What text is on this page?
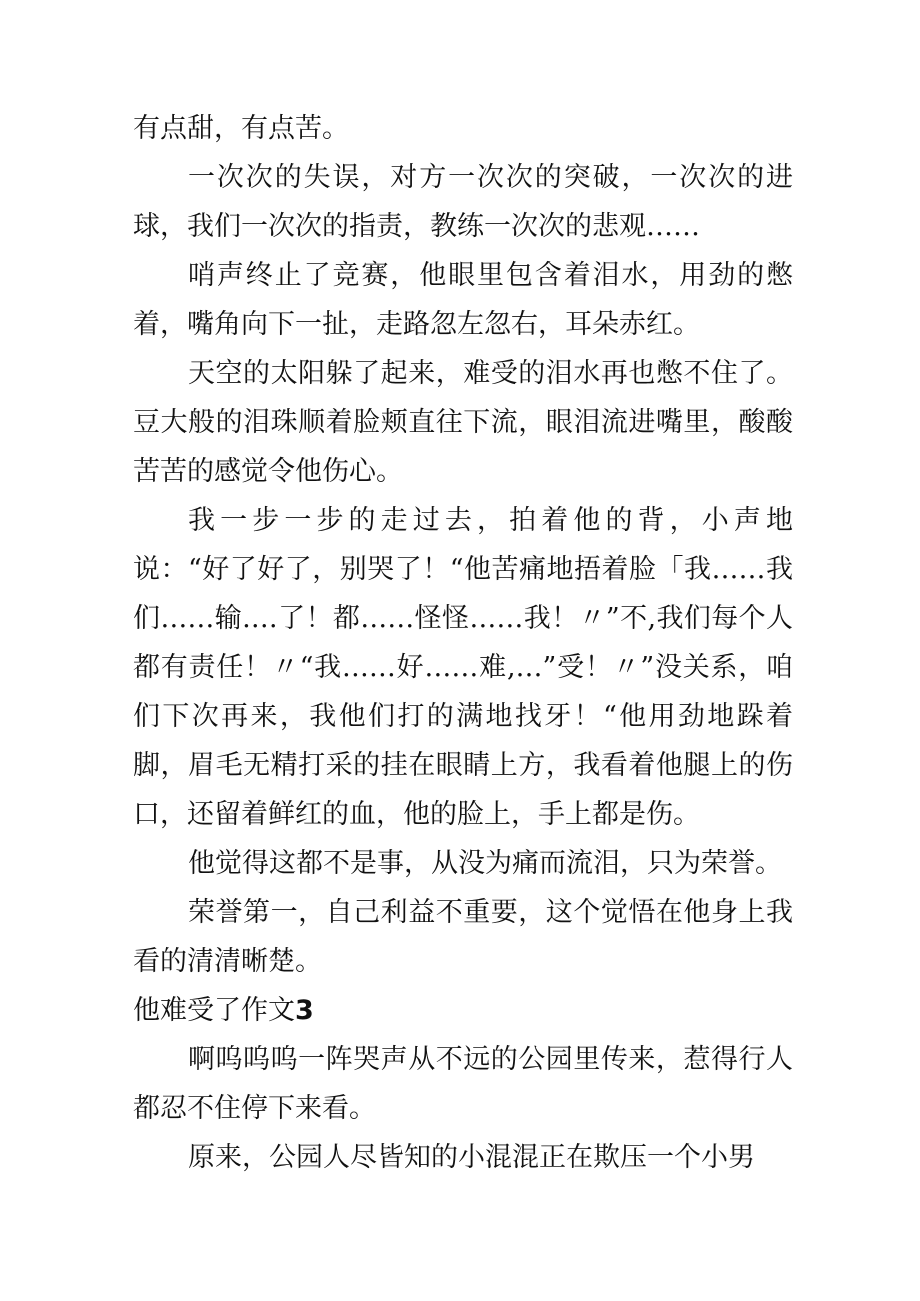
有点甜，有点苦。

一次次的失误，对方一次次的突破，一次次的进球，我们一次次的指责，教练一次次的悲观……

哨声终止了竞赛，他眼里包含着泪水，用劲的憋着，嘴角向下一扯，走路忽左忽右，耳朵赤红。

天空的太阳躲了起来，难受的泪水再也憋不住了。豆大般的泪珠顺着脸颊直往下流，眼泪流进嘴里，酸酸苦苦的感觉令他伤心。

我一步一步的走过去，拍着他的背，小声地说：“好了好了，别哭了！“他苦痛地捂着脸「我……我们……输.…了！都……怪怪……我！〃”不,我们每个人都有责任！〃“我……好……难,…”受！〃”没关系，咱们下次再来，我他们打的满地找牙！“他用劲地跺着脚，眉毛无精打采的挂在眼睛上方，我看着他腿上的伤口，还留着鲜红的血，他的脸上，手上都是伤。

他觉得这都不是事，从没为痛而流泪，只为荣誉。

荣誉第一，自己利益不重要，这个觉悟在他身上我看的清清晰楚。

他难受了作文3

啊呜呜呜一阵哭声从不远的公园里传来，惹得行人都忍不住停下来看。

原来，公园人尽皆知的小混混正在欺压一个小男
